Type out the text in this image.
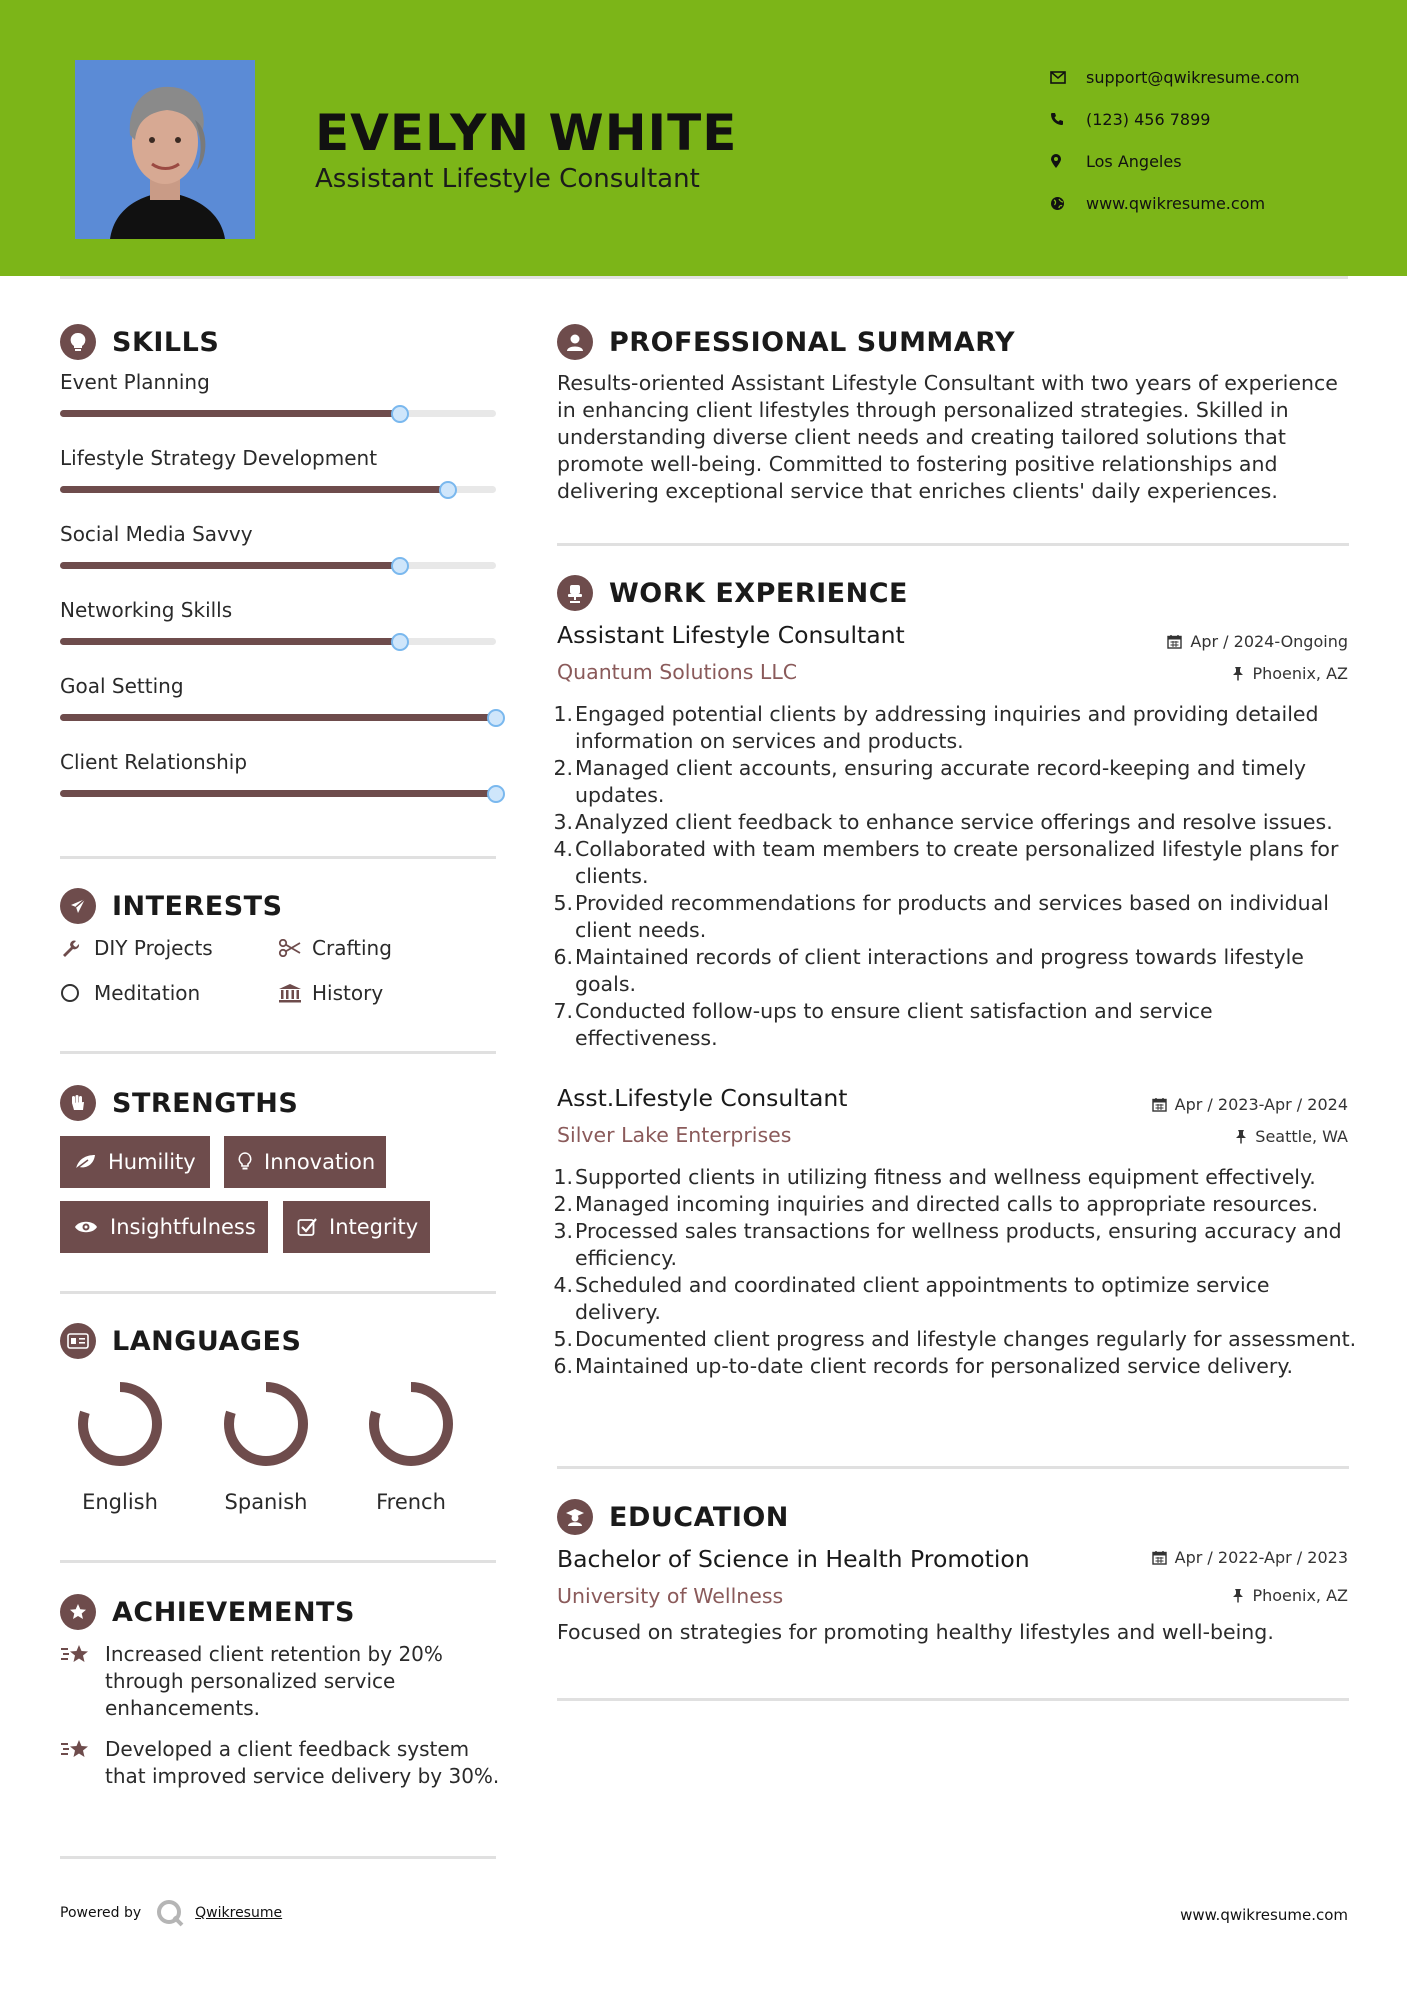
EVELYN WHITE
Assistant Lifestyle Consultant
support@qwikresume.com
(123) 456 7899
Los Angeles
www.qwikresume.com
SKILLS
Event Planning
Lifestyle Strategy Development
Social Media Savvy
Networking Skills
Goal Setting
Client Relationship
INTERESTS
DIY Projects	Crafting
Meditation	History
STRENGTHS
Humility	Innovation
Insightfulness	Integrity
LANGUAGES
English	Spanish	French
ACHIEVEMENTS
Increased client retention by 20% through personalized service enhancements.
Developed a client feedback system that improved service delivery by 30%.
PROFESSIONAL SUMMARY
Results-oriented Assistant Lifestyle Consultant with two years of experience in enhancing client lifestyles through personalized strategies. Skilled in understanding diverse client needs and creating tailored solutions that promote well-being. Committed to fostering positive relationships and delivering exceptional service that enriches clients' daily experiences.
WORK EXPERIENCE
Assistant Lifestyle Consultant	Apr / 2024-Ongoing
Quantum Solutions LLC	Phoenix, AZ
1. Engaged potential clients by addressing inquiries and providing detailed information on services and products.
2. Managed client accounts, ensuring accurate record-keeping and timely updates.
3. Analyzed client feedback to enhance service offerings and resolve issues.
4. Collaborated with team members to create personalized lifestyle plans for clients.
5. Provided recommendations for products and services based on individual client needs.
6. Maintained records of client interactions and progress towards lifestyle goals.
7. Conducted follow-ups to ensure client satisfaction and service effectiveness.
Asst.Lifestyle Consultant	Apr / 2023-Apr / 2024
Silver Lake Enterprises	Seattle, WA
1. Supported clients in utilizing fitness and wellness equipment effectively.
2. Managed incoming inquiries and directed calls to appropriate resources.
3. Processed sales transactions for wellness products, ensuring accuracy and efficiency.
4. Scheduled and coordinated client appointments to optimize service delivery.
5. Documented client progress and lifestyle changes regularly for assessment.
6. Maintained up-to-date client records for personalized service delivery.
EDUCATION
Bachelor of Science in Health Promotion	Apr / 2022-Apr / 2023
University of Wellness	Phoenix, AZ
Focused on strategies for promoting healthy lifestyles and well-being.
Powered by	Qwikresume	www.qwikresume.com
